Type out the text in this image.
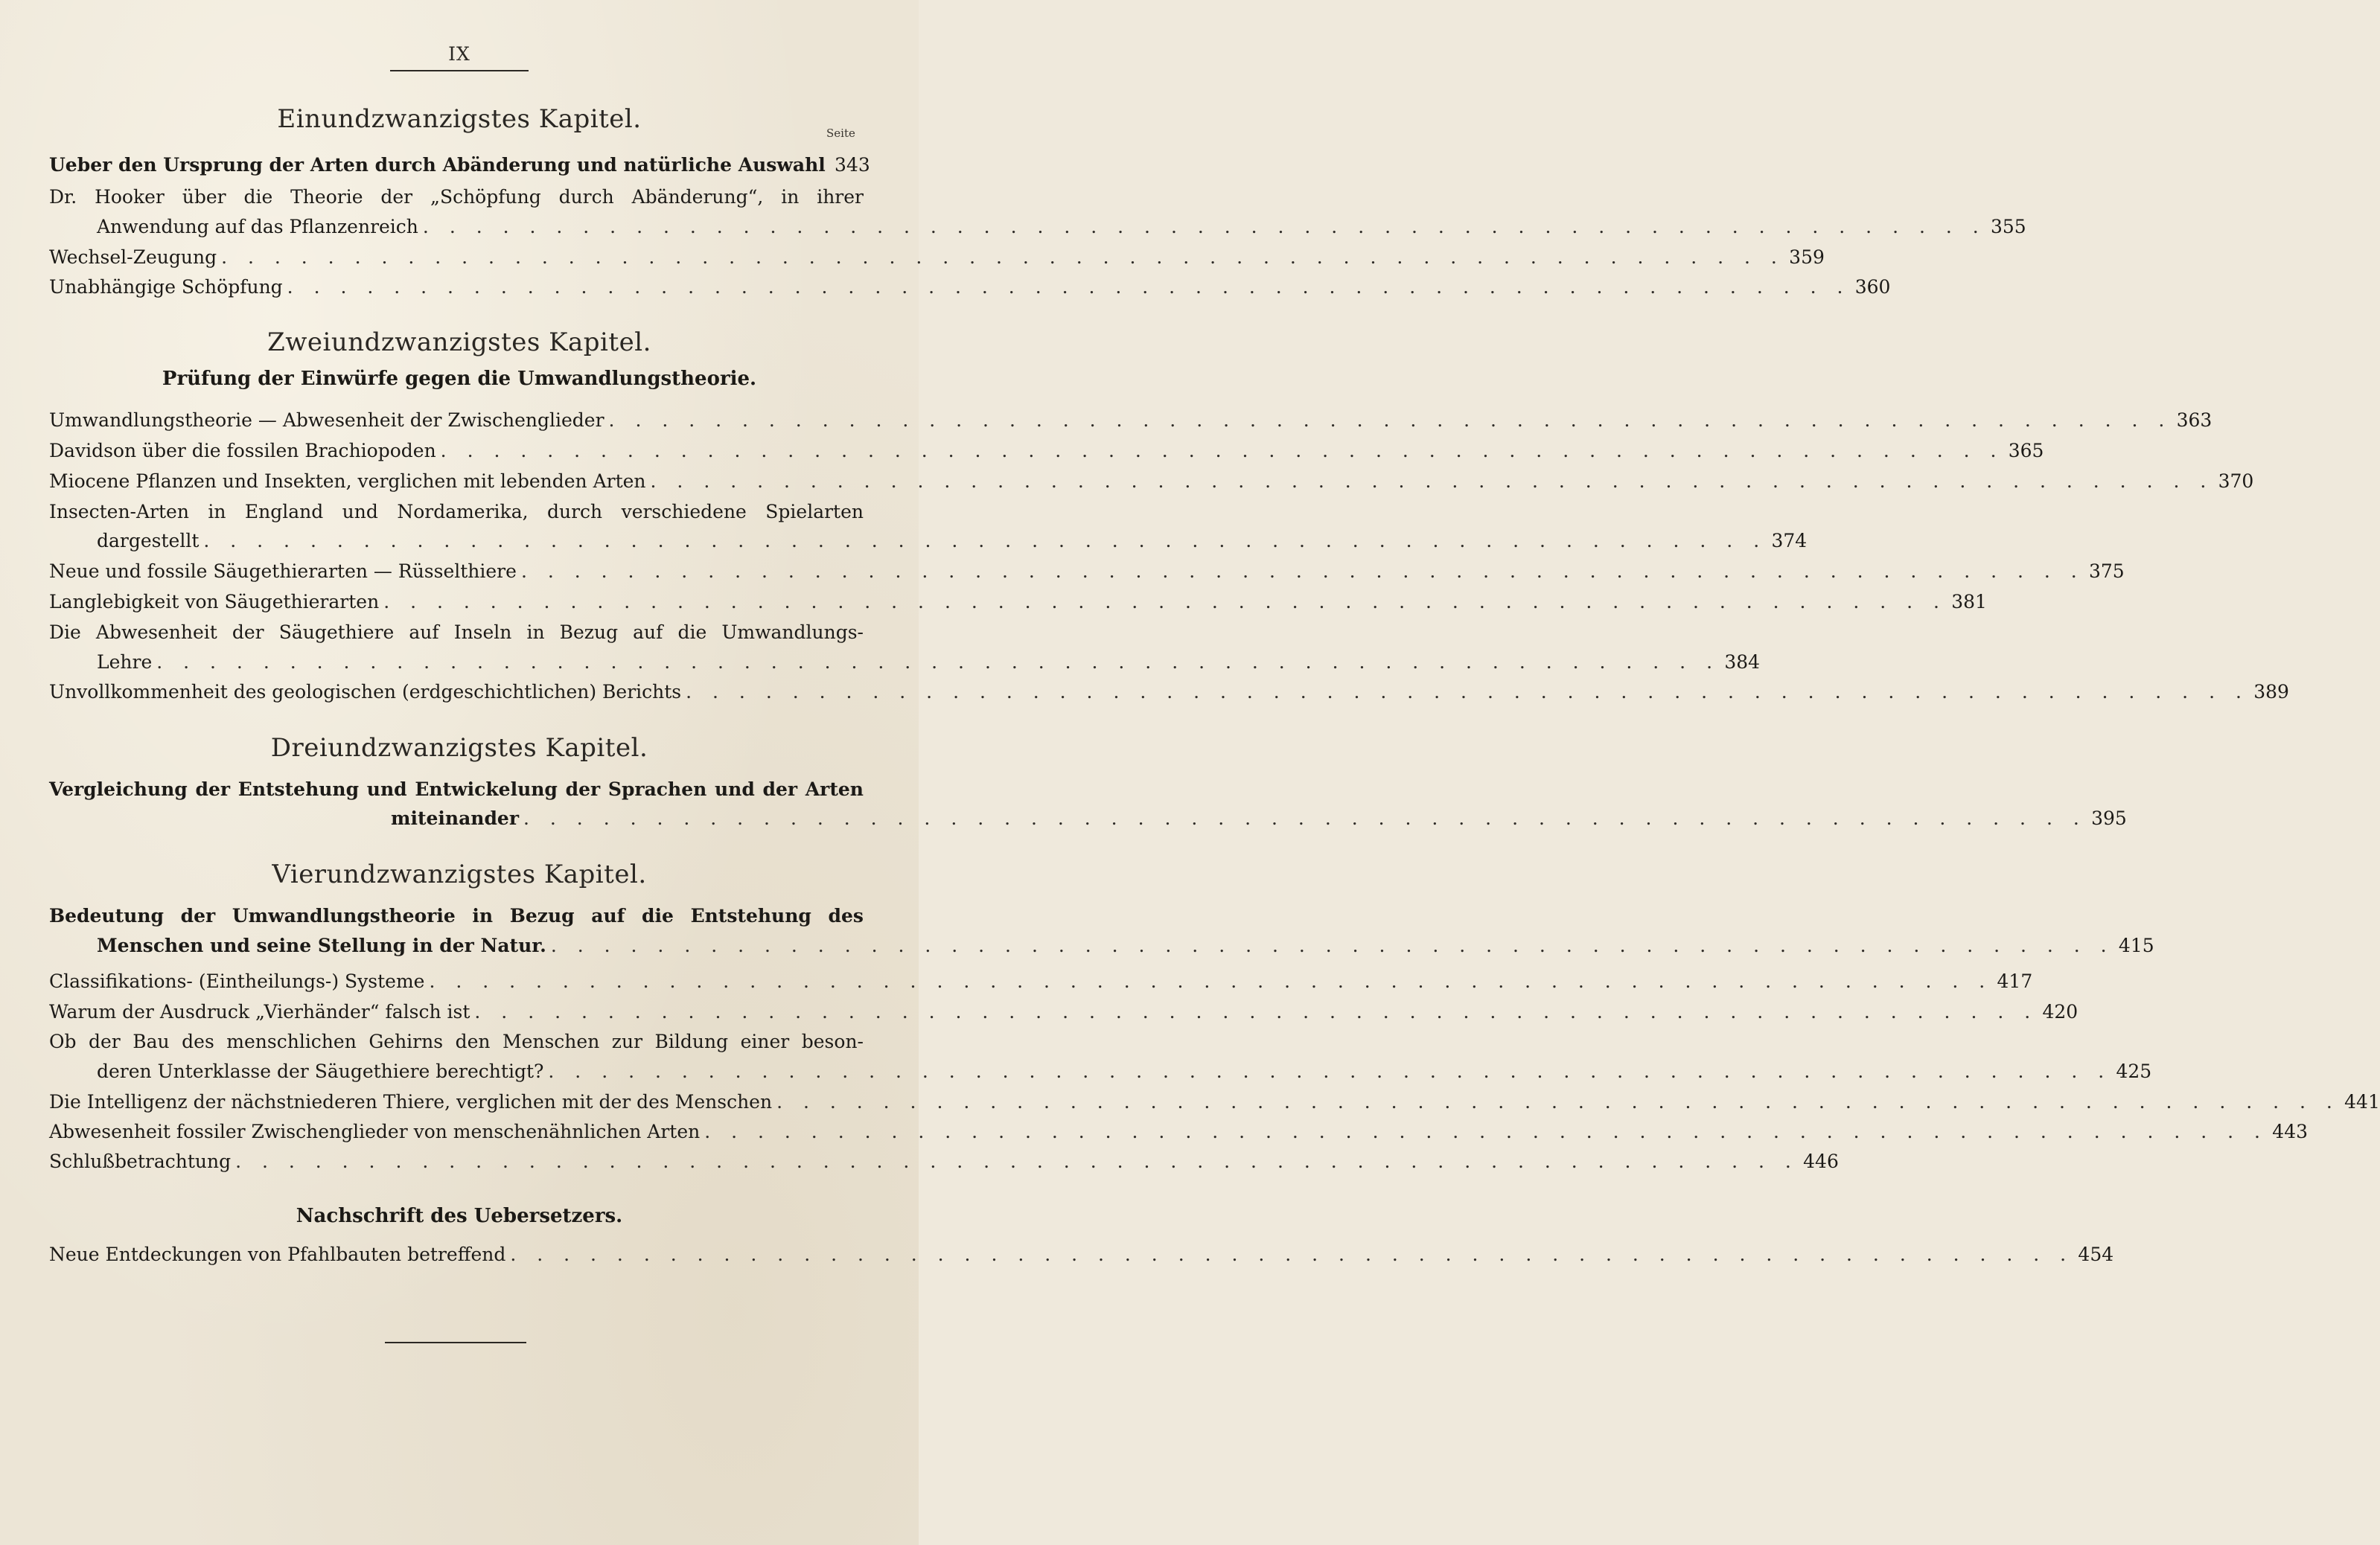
IX
Einundzwanzigstes Kapitel.	Seite
Ueber den Ursprung der Arten durch Abänderung und natürliche Auswahl 343
Dr. Hooker über die Theorie der „Schöpfung durch Abänderung“, in ihrer
Anwendung auf das Pflanzenreich . . . . . . . . . . . . . . . . . . . . . . . . . . . . . . . . . . . . . . . . . . . . . . . . . . . . . . . . . . . 355
Wechsel-Zeugung . . . . . . . . . . . . . . . . . . . . . . . . . . . . . . . . . . . . . . . . . . . . . . . . . . . . . . . . . . . 359
Unabhängige Schöpfung . . . . . . . . . . . . . . . . . . . . . . . . . . . . . . . . . . . . . . . . . . . . . . . . . . . . . . . . . . . 360
Zweiundzwanzigstes Kapitel.
Prüfung der Einwürfe gegen die Umwandlungstheorie.
Umwandlungstheorie — Abwesenheit der Zwischenglieder . . . . . . . . . . . . . . . . . . . . . . . . . . . . . . . . . . . . . . . . . . . . . . . . . . . . . . . . . . . 363
Davidson über die fossilen Brachiopoden . . . . . . . . . . . . . . . . . . . . . . . . . . . . . . . . . . . . . . . . . . . . . . . . . . . . . . . . . . . 365
Miocene Pflanzen und Insekten, verglichen mit lebenden Arten . . . . . . . . . . . . . . . . . . . . . . . . . . . . . . . . . . . . . . . . . . . . . . . . . . . . . . . . . . . 370
Insecten-Arten in England und Nordamerika, durch verschiedene Spielarten
dargestellt . . . . . . . . . . . . . . . . . . . . . . . . . . . . . . . . . . . . . . . . . . . . . . . . . . . . . . . . . . . 374
Neue und fossile Säugethierarten — Rüsselthiere . . . . . . . . . . . . . . . . . . . . . . . . . . . . . . . . . . . . . . . . . . . . . . . . . . . . . . . . . . . 375
Langlebigkeit von Säugethierarten . . . . . . . . . . . . . . . . . . . . . . . . . . . . . . . . . . . . . . . . . . . . . . . . . . . . . . . . . . . 381
Die Abwesenheit der Säugethiere auf Inseln in Bezug auf die Umwandlungs-
Lehre . . . . . . . . . . . . . . . . . . . . . . . . . . . . . . . . . . . . . . . . . . . . . . . . . . . . . . . . . . . 384
Unvollkommenheit des geologischen (erdgeschichtlichen) Berichts . . . . . . . . . . . . . . . . . . . . . . . . . . . . . . . . . . . . . . . . . . . . . . . . . . . . . . . . . . . 389
Dreiundzwanzigstes Kapitel.
Vergleichung der Entstehung und Entwickelung der Sprachen und der Arten
miteinander . . . . . . . . . . . . . . . . . . . . . . . . . . . . . . . . . . . . . . . . . . . . . . . . . . . . . . . . . . . 395
Vierundzwanzigstes Kapitel.
Bedeutung der Umwandlungstheorie in Bezug auf die Entstehung des
Menschen und seine Stellung in der Natur. . . . . . . . . . . . . . . . . . . . . . . . . . . . . . . . . . . . . . . . . . . . . . . . . . . . . . . . . . . . 415
Classifikations- (Eintheilungs-) Systeme . . . . . . . . . . . . . . . . . . . . . . . . . . . . . . . . . . . . . . . . . . . . . . . . . . . . . . . . . . . 417
Warum der Ausdruck „Vierhänder“ falsch ist . . . . . . . . . . . . . . . . . . . . . . . . . . . . . . . . . . . . . . . . . . . . . . . . . . . . . . . . . . . 420
Ob der Bau des menschlichen Gehirns den Menschen zur Bildung einer beson-
deren Unterklasse der Säugethiere berechtigt? . . . . . . . . . . . . . . . . . . . . . . . . . . . . . . . . . . . . . . . . . . . . . . . . . . . . . . . . . . . 425
Die Intelligenz der nächstniederen Thiere, verglichen mit der des Menschen . . . . . . . . . . . . . . . . . . . . . . . . . . . . . . . . . . . . . . . . . . . . . . . . . . . . . . . . . . . 441
Abwesenheit fossiler Zwischenglieder von menschenähnlichen Arten . . . . . . . . . . . . . . . . . . . . . . . . . . . . . . . . . . . . . . . . . . . . . . . . . . . . . . . . . . . 443
Schlußbetrachtung . . . . . . . . . . . . . . . . . . . . . . . . . . . . . . . . . . . . . . . . . . . . . . . . . . . . . . . . . . . 446
Nachschrift des Uebersetzers.
Neue Entdeckungen von Pfahlbauten betreffend . . . . . . . . . . . . . . . . . . . . . . . . . . . . . . . . . . . . . . . . . . . . . . . . . . . . . . . . . . . 454
